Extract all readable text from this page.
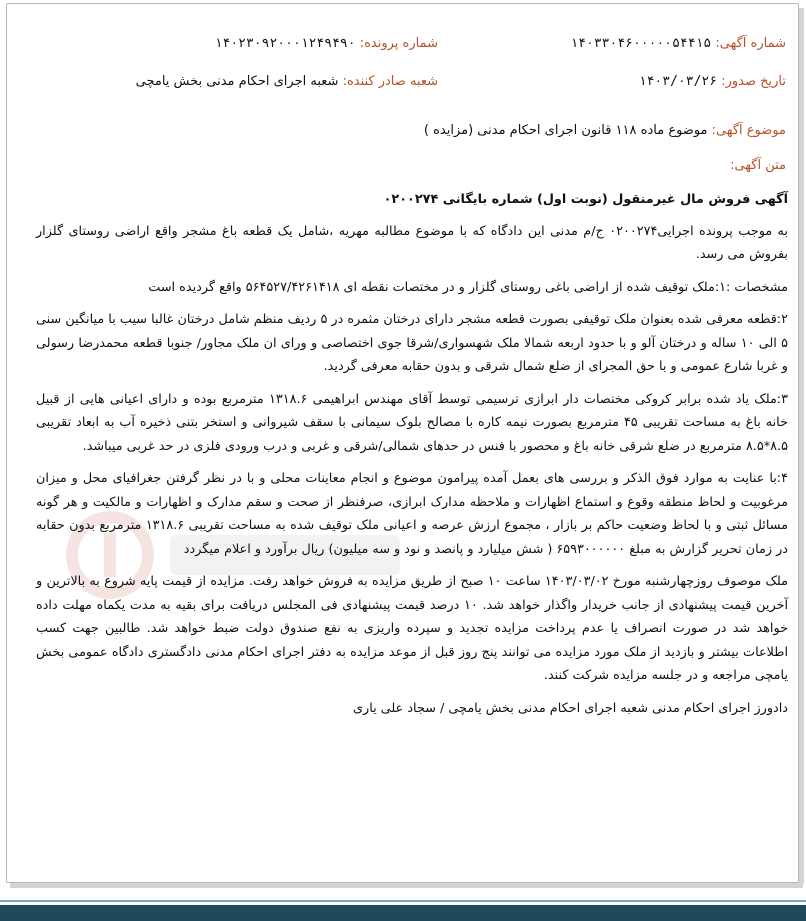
شماره آگهی: ۱۴۰۳۳۰۴۶۰۰۰۰۰۵۴۴۱۵
شماره پرونده: ۱۴۰۲۳۰۹۲۰۰۰۱۲۴۹۴۹۰
تاریخ صدور: ۱۴۰۳/۰۳/۲۶
شعبه صادر کننده: شعبه اجرای احکام مدنی بخش یامچی
موضوع آگهی: موضوع ماده ۱۱۸ قانون اجرای احکام مدنی (مزایده )
متن آگهی:

آگهی فروش مال غیرمنقول (نوبت اول) شماره بایگانی ۰۲۰۰۲۷۴

به موجب پرونده اجرایی۰۲۰۰۲۷۴ ج/م مدنی این دادگاه که با موضوع مطالبه مهریه ،شامل یک قطعه باغ مشجر واقع اراضی روستای گلزار بفروش می رسد.

مشخصات :۱:ملک توقیف شده از اراضی باغی روستای گلزار و در مختصات نقطه ای ۵۶۴۵۲۷/۴۲۶۱۴۱۸ واقع گردیده است

۲:قطعه معرفی شده بعنوان ملک توقیفی بصورت قطعه مشجر دارای درختان مثمره در ۵ ردیف منظم شامل درختان غالبا سیب با میانگین سنی ۵ الی ۱۰ ساله و درختان آلو و با حدود اربعه شمالا ملک شهسواری/شرقا جوی اختصاصی و ورای ان ملک مجاور/ جنوبا قطعه محمدرضا رسولی و غربا شارع عمومی و با حق المجرای از ضلع شمال شرقی و بدون حقابه معرفی گردید.

۳:ملک یاد شده برابر کروکی مختصات دار ابرازی ترسیمی توسط آقای مهندس ابراهیمی ۱۳۱۸.۶ مترمربع بوده و دارای اعیانی هایی از قبیل خانه باغ به مساحت تقریبی ۴۵ مترمربع بصورت نیمه کاره با مصالح بلوک سیمانی با سقف شیروانی و استخر بتنی ذخیره آب به ابعاد تقریبی ۸.۵*۸.۵ مترمربع در ضلع شرقی خانه باغ و محصور با فنس در حدهای شمالی/شرقی و غربی و درب ورودی فلزی در حد غربی میباشد.

۴:با عنایت به موارد فوق الذکر و بررسی های بعمل آمده پیرامون موضوع و انجام معاینات محلی و با در نظر گرفتن جغرافیای محل و میزان مرغوبیت و لحاظ منطقه وقوع و استماع اظهارات و ملاحظه مدارک ابرازی، صرفنظر از صحت و سقم مدارک و اظهارات و مالکیت و هر گونه مسائل ثبتی و با لحاظ وضعیت حاکم بر بازار ، مجموع ارزش عرصه و اعیانی ملک توقیف شده به مساحت تقریبی ۱۳۱۸.۶ مترمربع بدون حقابه در زمان تحریر گزارش به مبلغ ۶۵۹۳۰۰۰۰۰۰ ( شش میلیارد و پانصد و نود و سه میلیون) ریال برآورد و اعلام میگردد

ملک موصوف روزچهارشنبه مورخ ۱۴۰۳/۰۳/۰۲ ساعت ۱۰ صبح از طریق مزایده به فروش خواهد رفت. مزایده از قیمت پایه شروع به بالاترین و آخرین قیمت پیشنهادی از جانب خریدار واگذار خواهد شد. ۱۰ درصد قیمت پیشنهادی فی المجلس دریافت برای بقیه به مدت یکماه مهلت داده خواهد شد در صورت انصراف یا عدم پرداخت مزایده تجدید و سپرده واریزی به نفع صندوق دولت ضبط خواهد شد. طالبین جهت کسب اطلاعات بیشتر و بازدید از ملک مورد مزایده می توانند پنج روز قبل از موعد مزایده به دفتر اجرای احکام مدنی دادگستری دادگاه عمومی بخش یامچی مراجعه و در جلسه مزایده شرکت کنند.

دادورز اجرای احکام مدنی شعبه اجرای احکام مدنی بخش یامچی / سجاد علی یاری
